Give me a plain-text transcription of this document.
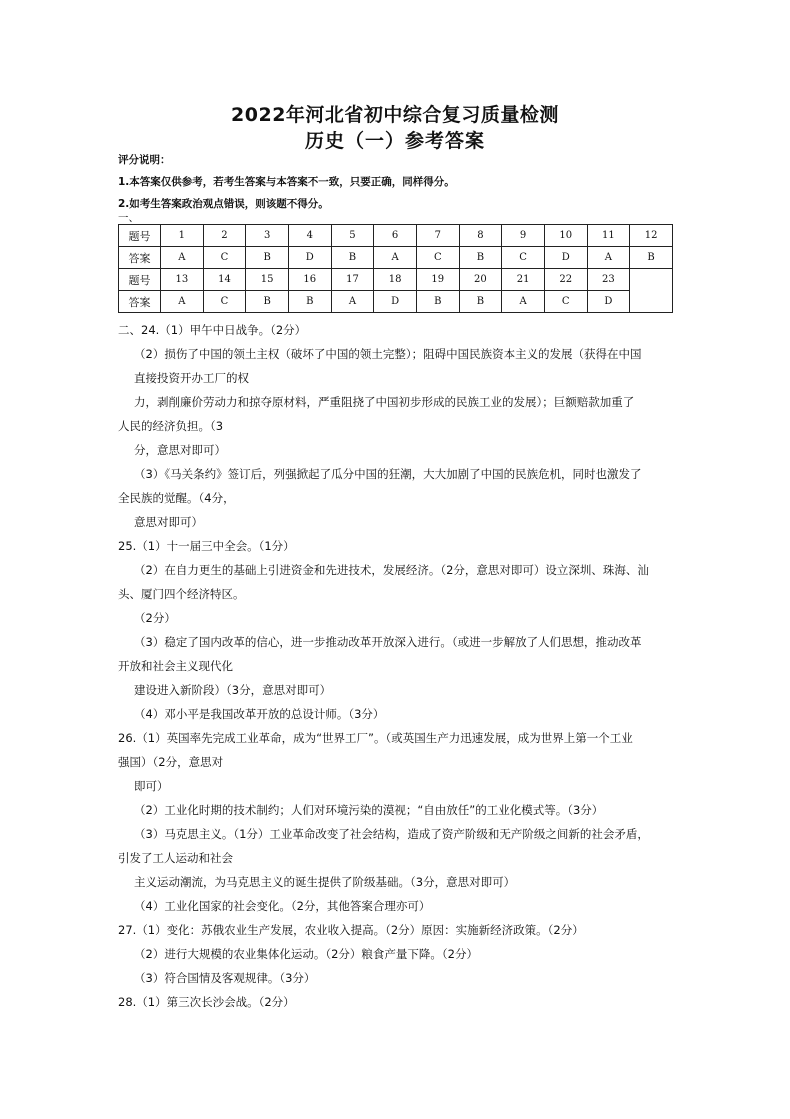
2022年河北省初中综合复习质量检测
历史（一）参考答案
评分说明：
1.本答案仅供参考，若考生答案与本答案不一致，只要正确，同样得分。
2.如考生答案政治观点错误，则该题不得分。
一、
题号	1	2	3	4	5	6	7	8	9	10	11	12
答案	A	C	B	D	B	A	C	B	C	D	A	B
题号	13	14	15	16	17	18	19	20	21	22	23	
答案	A	C	B	B	A	D	B	B	A	C	D	
二、24.（1）甲午中日战争。（2分）
（2）损伤了中国的领土主权（破坏了中国的领土完整）；阻碍中国民族资本主义的发展（获得在中国
直接投资开办工厂的权
力，剥削廉价劳动力和掠夺原材料，严重阻挠了中国初步形成的民族工业的发展）；巨额赔款加重了
人民的经济负担。（3
分，意思对即可）
（3）《马关条约》签订后，列强掀起了瓜分中国的狂潮，大大加剧了中国的民族危机，同时也激发了
全民族的觉醒。（4分，
意思对即可）
25.（1）十一届三中全会。（1分）
（2）在自力更生的基础上引进资金和先进技术，发展经济。（2分，意思对即可）设立深圳、珠海、汕
头、厦门四个经济特区。
（2分）
（3）稳定了国内改革的信心，进一步推动改革开放深入进行。（或进一步解放了人们思想，推动改革
开放和社会主义现代化
建设进入新阶段）（3分，意思对即可）
（4）邓小平是我国改革开放的总设计师。（3分）
26.（1）英国率先完成工业革命，成为“世界工厂”。（或英国生产力迅速发展，成为世界上第一个工业
强国）（2分，意思对
即可）
（2）工业化时期的技术制约；人们对环境污染的漠视；“自由放任”的工业化模式等。（3分）
（3）马克思主义。（1分）工业革命改变了社会结构，造成了资产阶级和无产阶级之间新的社会矛盾，
引发了工人运动和社会
主义运动潮流，为马克思主义的诞生提供了阶级基础。（3分，意思对即可）
（4）工业化国家的社会变化。（2分，其他答案合理亦可）
27.（1）变化：苏俄农业生产发展，农业收入提高。（2分）原因：实施新经济政策。（2分）
（2）进行大规模的农业集体化运动。（2分）粮食产量下降。（2分）
（3）符合国情及客观规律。（3分）
28.（1）第三次长沙会战。（2分）
